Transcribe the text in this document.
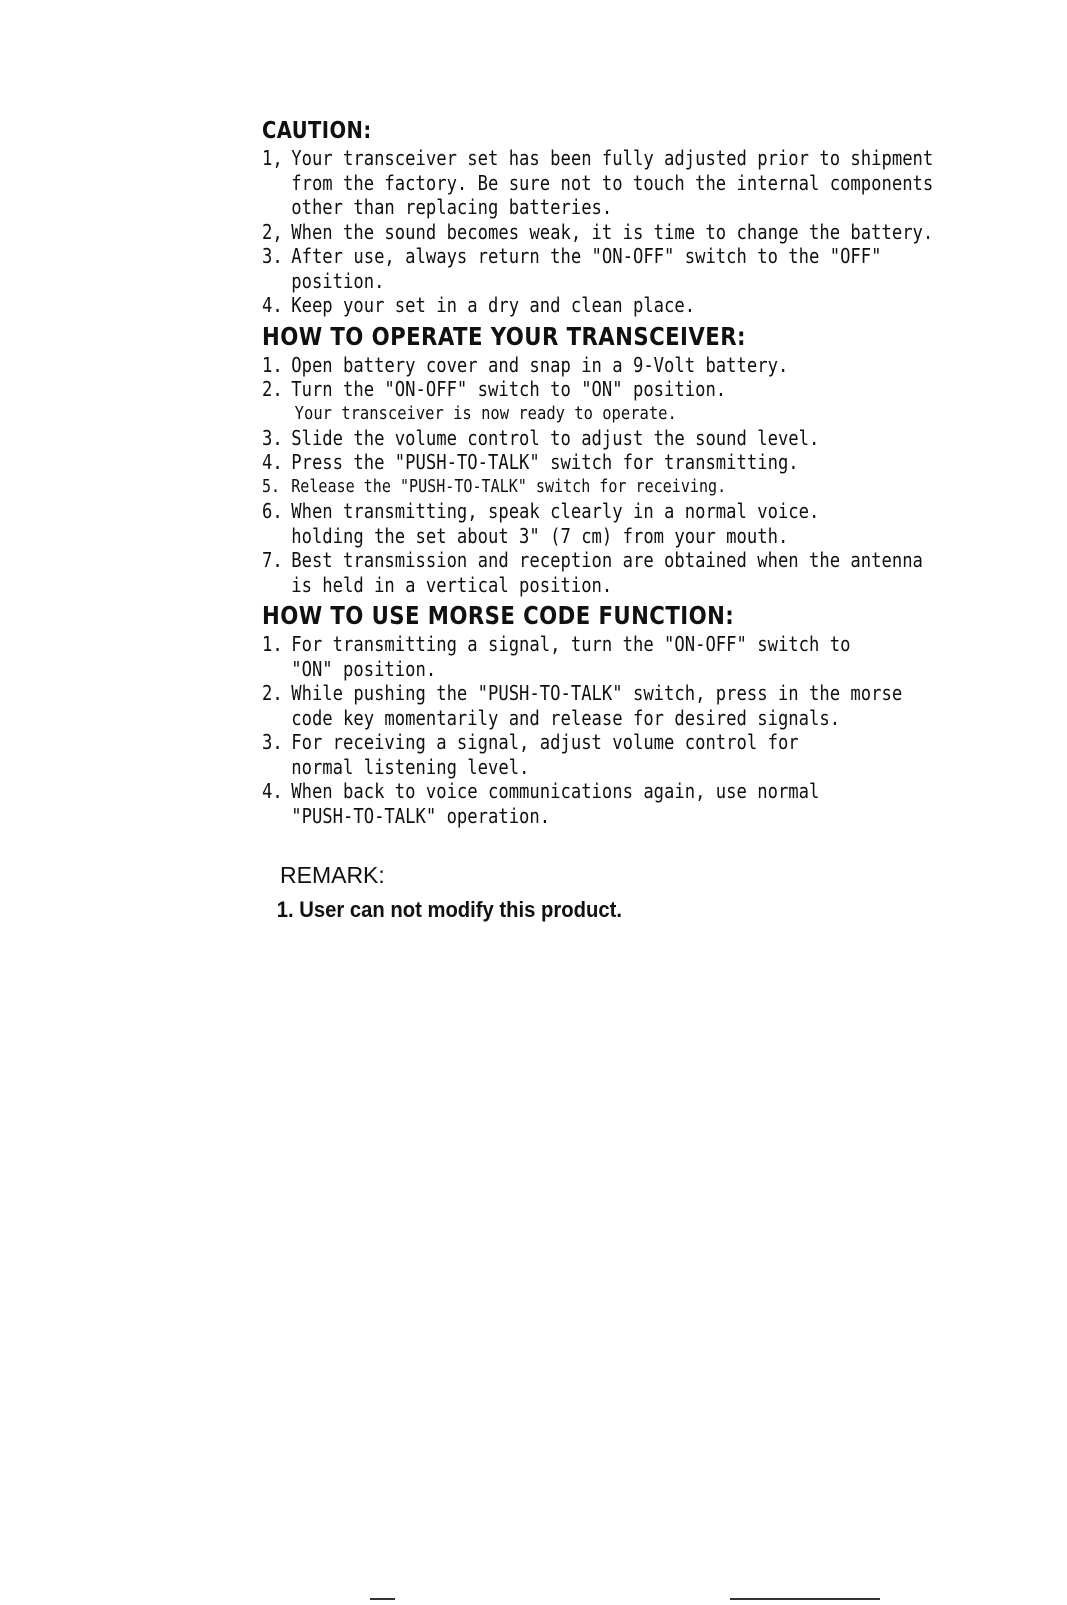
CAUTION:
1, Your transceiver set has been fully adjusted prior to shipment
from the factory. Be sure not to touch the internal components
other than replacing batteries.
2, When the sound becomes weak, it is time to change the battery.
3. After use, always return the "ON-OFF" switch to the "OFF" position.
4. Keep your set in a dry and clean place.
HOW TO OPERATE YOUR TRANSCEIVER:
1. Open battery cover and snap in a 9-Volt battery.
2. Turn the "ON-OFF" switch to "ON" position.
Your transceiver is now ready to operate.
3. Slide the volume control to adjust the sound level.
4. Press the "PUSH-TO-TALK" switch for transmitting.
5. Release the "PUSH-TO-TALK" switch for receiving.
6. When transmitting, speak clearly in a normal voice.
holding the set about 3" (7 cm) from your mouth.
7. Best transmission and reception are obtained when the antenna
is held in a vertical position.
HOW TO USE MORSE CODE FUNCTION:
1. For transmitting a signal, turn the "ON-OFF" switch to
"ON" position.
2. While pushing the "PUSH-TO-TALK" switch, press in the morse
code key momentarily and release for desired signals.
3. For receiving a signal, adjust volume control for
normal listening level.
4. When back to voice communications again, use normal
"PUSH-TO-TALK" operation.
REMARK:
1. User can not modify this product.
